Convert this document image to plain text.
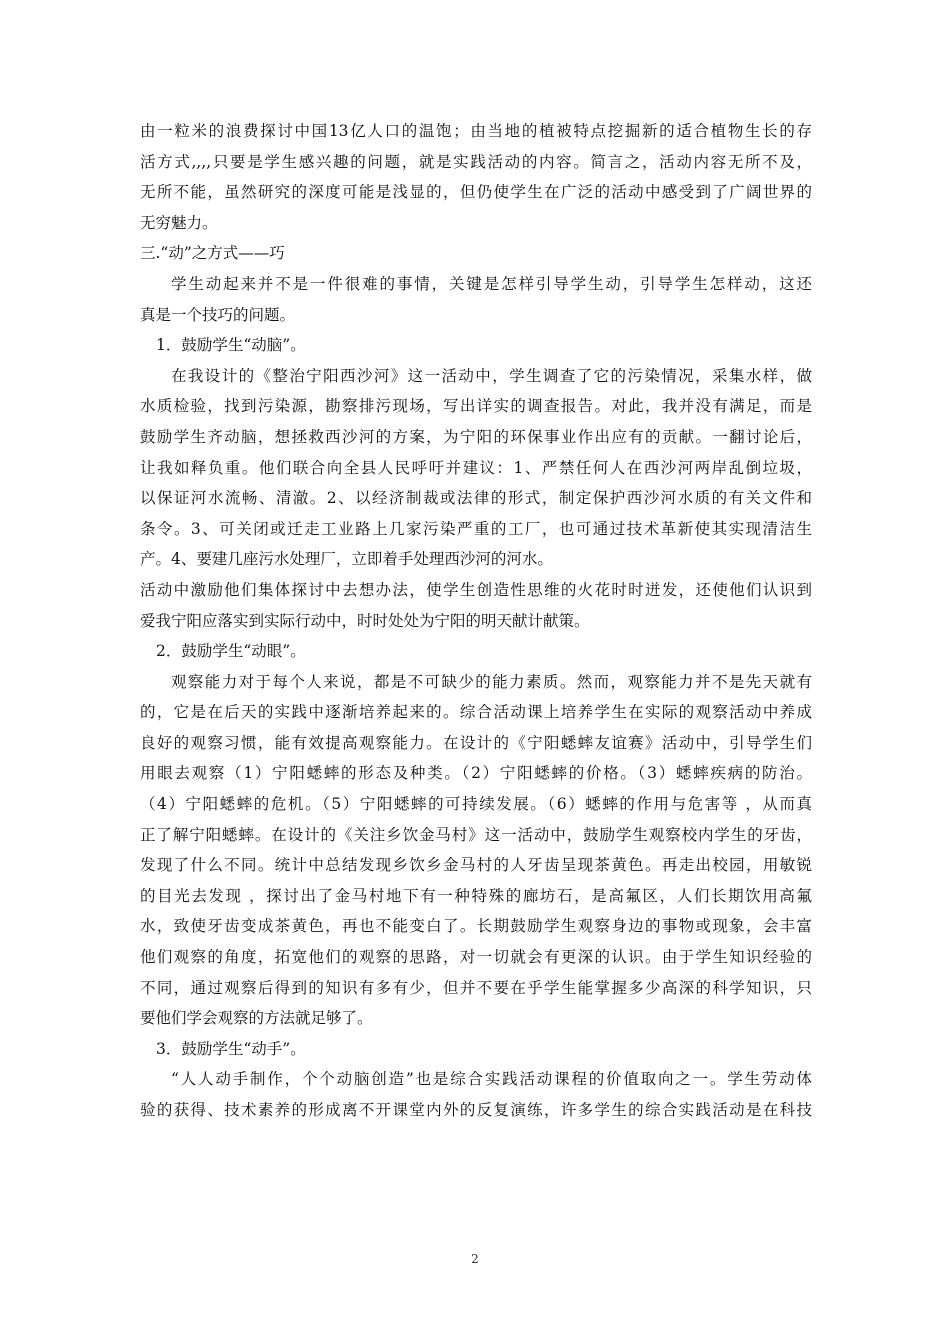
由一粒米的浪费探讨中国13亿人口的温饱；由当地的植被特点挖掘新的适合植物生长的存
活方式,,,,只要是学生感兴趣的问题，就是实践活动的内容。简言之，活动内容无所不及，
无所不能，虽然研究的深度可能是浅显的，但仍使学生在广泛的活动中感受到了广阔世界的
无穷魅力。
三.“动”之方式——巧
学生动起来并不是一件很难的事情，关键是怎样引导学生动，引导学生怎样动，这还
真是一个技巧的问题。
1．鼓励学生“动脑”。
在我设计的《整治宁阳西沙河》这一活动中，学生调查了它的污染情况，采集水样，做
水质检验，找到污染源，勘察排污现场，写出详实的调查报告。对此，我并没有满足，而是
鼓励学生齐动脑，想拯救西沙河的方案，为宁阳的环保事业作出应有的贡献。一翻讨论后，
让我如释负重。他们联合向全县人民呼吁并建议：1、严禁任何人在西沙河两岸乱倒垃圾，
以保证河水流畅、清澈。2、以经济制裁或法律的形式，制定保护西沙河水质的有关文件和
条令。3、可关闭或迁走工业路上几家污染严重的工厂，也可通过技术革新使其实现清洁生
产。4、要建几座污水处理厂，立即着手处理西沙河的河水。
活动中激励他们集体探讨中去想办法，使学生创造性思维的火花时时迸发，还使他们认识到
爱我宁阳应落实到实际行动中，时时处处为宁阳的明天献计献策。
2．鼓励学生“动眼”。
观察能力对于每个人来说，都是不可缺少的能力素质。然而，观察能力并不是先天就有
的，它是在后天的实践中逐渐培养起来的。综合活动课上培养学生在实际的观察活动中养成
良好的观察习惯，能有效提高观察能力。在设计的《宁阳蟋蟀友谊赛》活动中，引导学生们
用眼去观察（1）宁阳蟋蟀的形态及种类。（2）宁阳蟋蟀的价格。（3）蟋蟀疾病的防治。
（4）宁阳蟋蟀的危机。（5）宁阳蟋蟀的可持续发展。（6）蟋蟀的作用与危害等 ，从而真
正了解宁阳蟋蟀。在设计的《关注乡饮金马村》这一活动中，鼓励学生观察校内学生的牙齿，
发现了什么不同。统计中总结发现乡饮乡金马村的人牙齿呈现茶黄色。再走出校园，用敏锐
的目光去发现 ，探讨出了金马村地下有一种特殊的廊坊石，是高氟区，人们长期饮用高氟
水，致使牙齿变成茶黄色，再也不能变白了。长期鼓励学生观察身边的事物或现象，会丰富
他们观察的角度，拓宽他们的观察的思路，对一切就会有更深的认识。由于学生知识经验的
不同，通过观察后得到的知识有多有少，但并不要在乎学生能掌握多少高深的科学知识，只
要他们学会观察的方法就足够了。
3．鼓励学生“动手”。
“人人动手制作，个个动脑创造”也是综合实践活动课程的价值取向之一。学生劳动体
验的获得、技术素养的形成离不开课堂内外的反复演练，许多学生的综合实践活动是在科技
2
